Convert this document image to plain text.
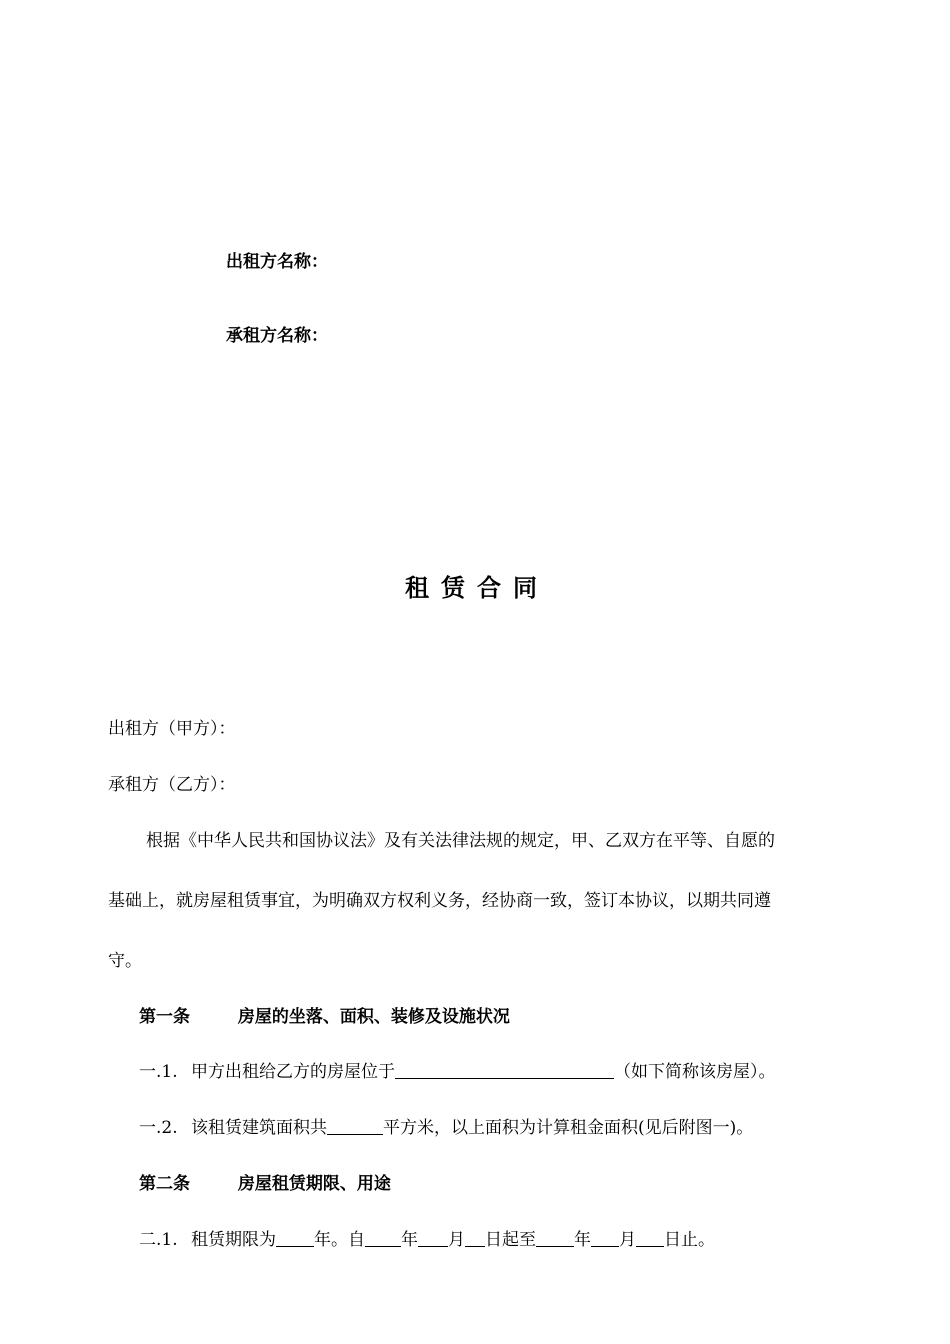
出租方名称：
承租方名称：
租赁合同
出租方（甲方）：
承租方（乙方）：
根据《中华人民共和国协议法》及有关法律法规的规定，甲、乙双方在平等、自愿的
基础上，就房屋租赁事宜，为明确双方权利义务，经协商一致，签订本协议，以期共同遵
守。
第一条	房屋的坐落、面积、装修及设施状况
一.1. 甲方出租给乙方的房屋位于	（如下简称该房屋）。
一.2. 该租赁建筑面积共	平方米，以上面积为计算租金面积(见后附图一)。
第二条	房屋租赁期限、用途
二.1. 租赁期限为 年。自 年 月 日起至 年 月 日止。
